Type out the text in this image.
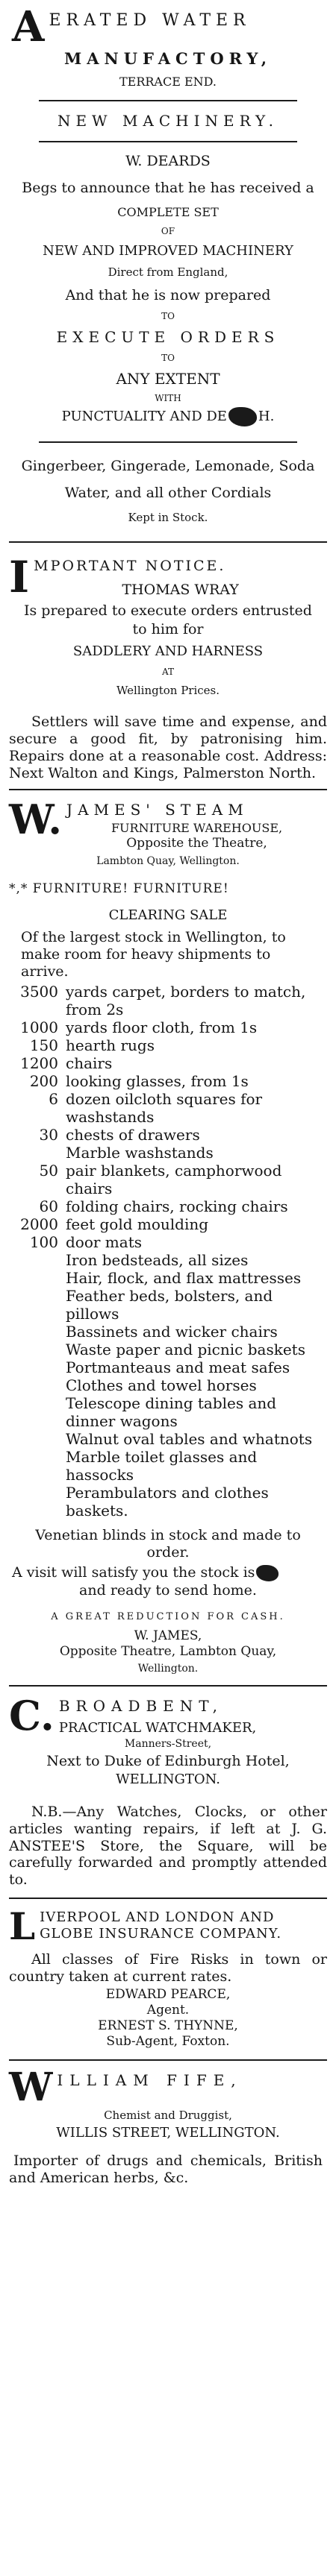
A ERATED WATER

MANUFACTORY,

TERRACE END.

NEW MACHINERY.

W. DEARDS

Begs to announce that he has received a

COMPLETE SET

OF

NEW AND IMPROVED MACHINERY

Direct from England,

And that he is now prepared

TO

EXECUTE ORDERS

TO

ANY EXTENT

WITH

PUNCTUALITY AND DE H.

Gingerbeer, Gingerade, Lemonade, Soda

Water, and all other Cordials

Kept in Stock.

I MPORTANT NOTICE.

THOMAS WRAY

Is prepared to execute orders entrusted

to him for

SADDLERY AND HARNESS

AT

Wellington Prices.

Settlers will save time and expense, and secure a good fit, by patronising him. Repairs done at a reasonable cost. Address: Next Walton and Kings, Palmerston North.

W. JAMES' STEAM

FURNITURE WAREHOUSE,

Opposite the Theatre,

Lambton Quay, Wellington.

*,* FURNITURE! FURNITURE!

CLEARING SALE

Of the largest stock in Wellington, to make room for heavy shipments to arrive.

3500 yards carpet, borders to match, from 2s
1000 yards floor cloth, from 1s
150 hearth rugs
1200 chairs
200 looking glasses, from 1s
6 dozen oilcloth squares for washstands
30 chests of drawers
Marble washstands
50 pair blankets, camphorwood chairs
60 folding chairs, rocking chairs
2000 feet gold moulding
100 door mats
Iron bedsteads, all sizes
Hair, flock, and flax mattresses
Feather beds, bolsters, and pillows
Bassinets and wicker chairs
Waste paper and picnic baskets
Portmanteaus and meat safes
Clothes and towel horses
Telescope dining tables and dinner wagons
Walnut oval tables and whatnots
Marble toilet glasses and hassocks
Perambulators and clothes baskets.

Venetian blinds in stock and made to order.

A visit will satisfy you the stock is

and ready to send home.

A GREAT REDUCTION FOR CASH.

W. JAMES,

Opposite Theatre, Lambton Quay,

Wellington.

C. BROADBENT,

PRACTICAL WATCHMAKER,

Manners-Street,

Next to Duke of Edinburgh Hotel,

WELLINGTON.

N.B.—Any Watches, Clocks, or other articles wanting repairs, if left at J. G. ANSTEE'S Store, the Square, will be carefully forwarded and promptly attended to.

L IVERPOOL AND LONDON AND GLOBE INSURANCE COMPANY.

All classes of Fire Risks in town or country taken at current rates.

EDWARD PEARCE,

Agent.

ERNEST S. THYNNE,

Sub-Agent, Foxton.

W ILLIAM FIFE,

Chemist and Druggist,

WILLIS STREET, WELLINGTON.

Importer of drugs and chemicals, British and American herbs, &c.
